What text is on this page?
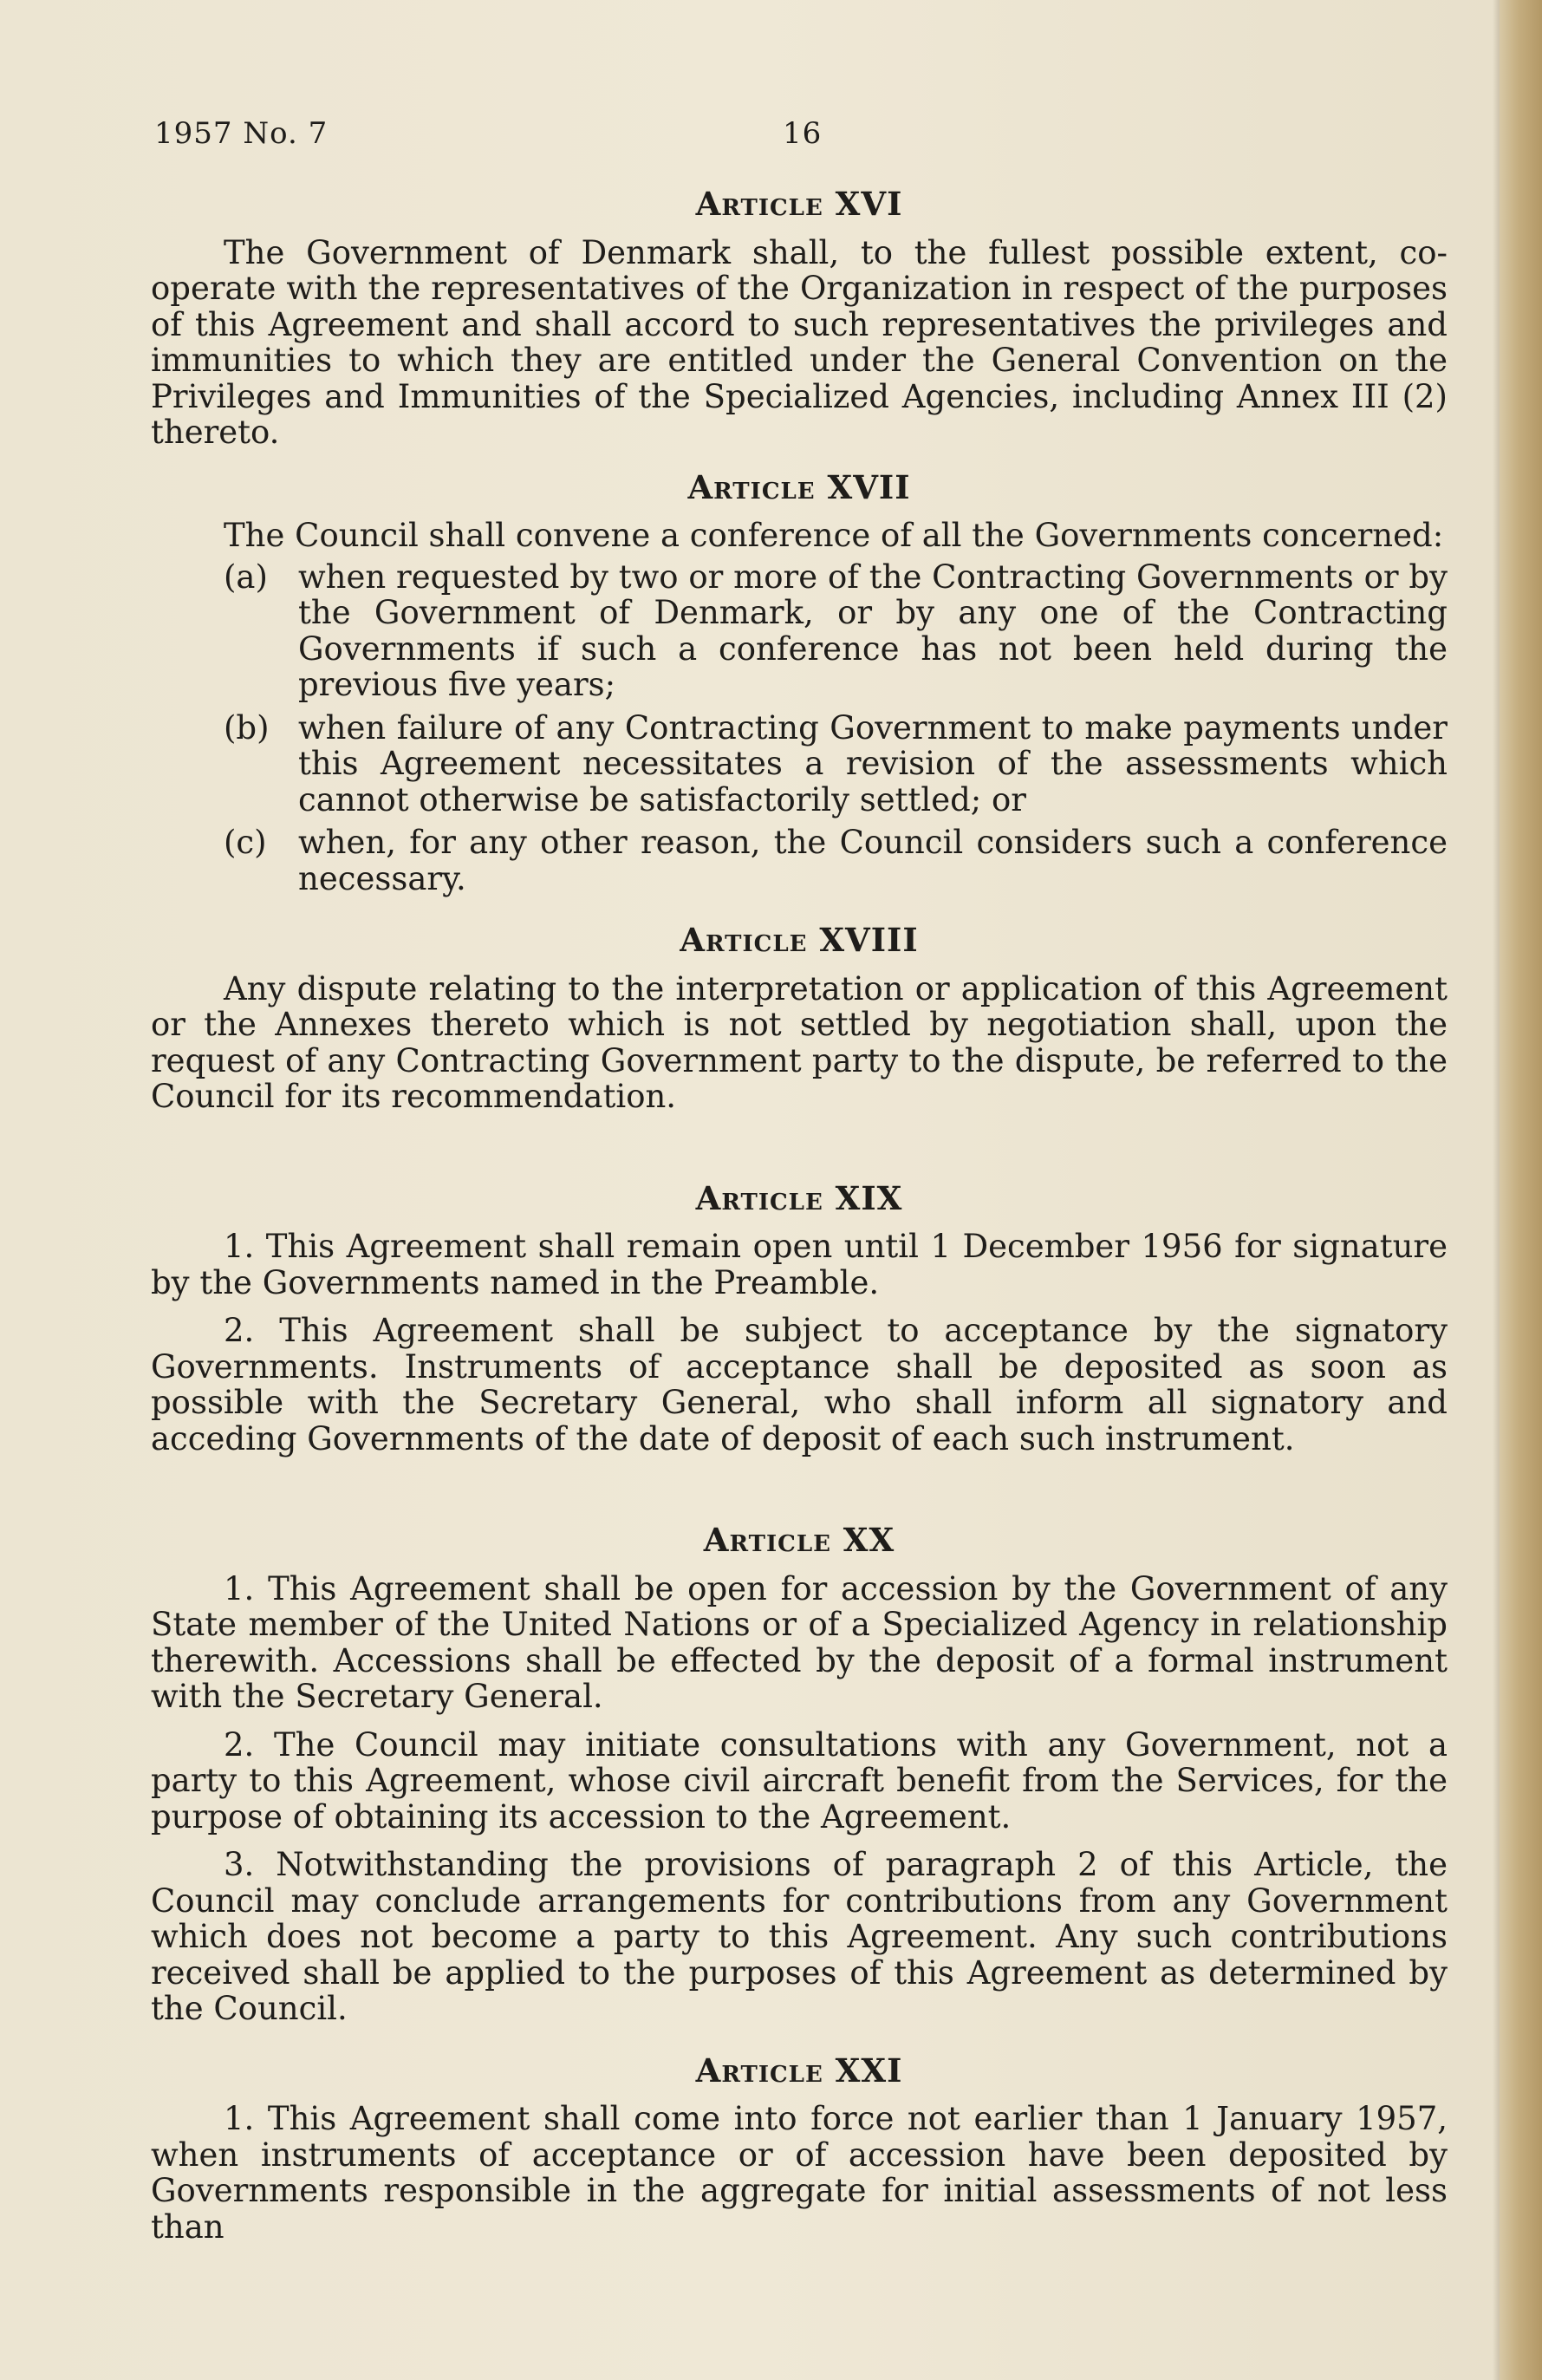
1957 No. 7	16
Article XVI

The Government of Denmark shall, to the fullest possible extent, co-operate with the representatives of the Organization in respect of the purposes of this Agreement and shall accord to such representatives the privileges and immunities to which they are entitled under the General Convention on the Privileges and Immunities of the Specialized Agencies, including Annex III (2) thereto.

Article XVII

The Council shall convene a conference of all the Governments concerned:

(a) when requested by two or more of the Contracting Governments or by the Government of Denmark, or by any one of the Contracting Governments if such a conference has not been held during the previous five years;
(b) when failure of any Contracting Government to make payments under this Agreement necessitates a revision of the assessments which cannot otherwise be satisfactorily settled; or
(c) when, for any other reason, the Council considers such a conference necessary.
Article XVIII

Any dispute relating to the interpretation or application of this Agreement or the Annexes thereto which is not settled by negotiation shall, upon the request of any Contracting Government party to the dispute, be referred to the Council for its recommendation.

Article XIX

1. This Agreement shall remain open until 1 December 1956 for signature by the Governments named in the Preamble.

2. This Agreement shall be subject to acceptance by the signatory Governments. Instruments of acceptance shall be deposited as soon as possible with the Secretary General, who shall inform all signatory and acceding Governments of the date of deposit of each such instrument.

Article XX

1. This Agreement shall be open for accession by the Government of any State member of the United Nations or of a Specialized Agency in relationship therewith. Accessions shall be effected by the deposit of a formal instrument with the Secretary General.

2. The Council may initiate consultations with any Government, not a party to this Agreement, whose civil aircraft benefit from the Services, for the purpose of obtaining its accession to the Agreement.

3. Notwithstanding the provisions of paragraph 2 of this Article, the Council may conclude arrangements for contributions from any Government which does not become a party to this Agreement. Any such contributions received shall be applied to the purposes of this Agreement as determined by the Council.

Article XXI

1. This Agreement shall come into force not earlier than 1 January 1957, when instruments of acceptance or of accession have been deposited by Governments responsible in the aggregate for initial assessments of not less than
